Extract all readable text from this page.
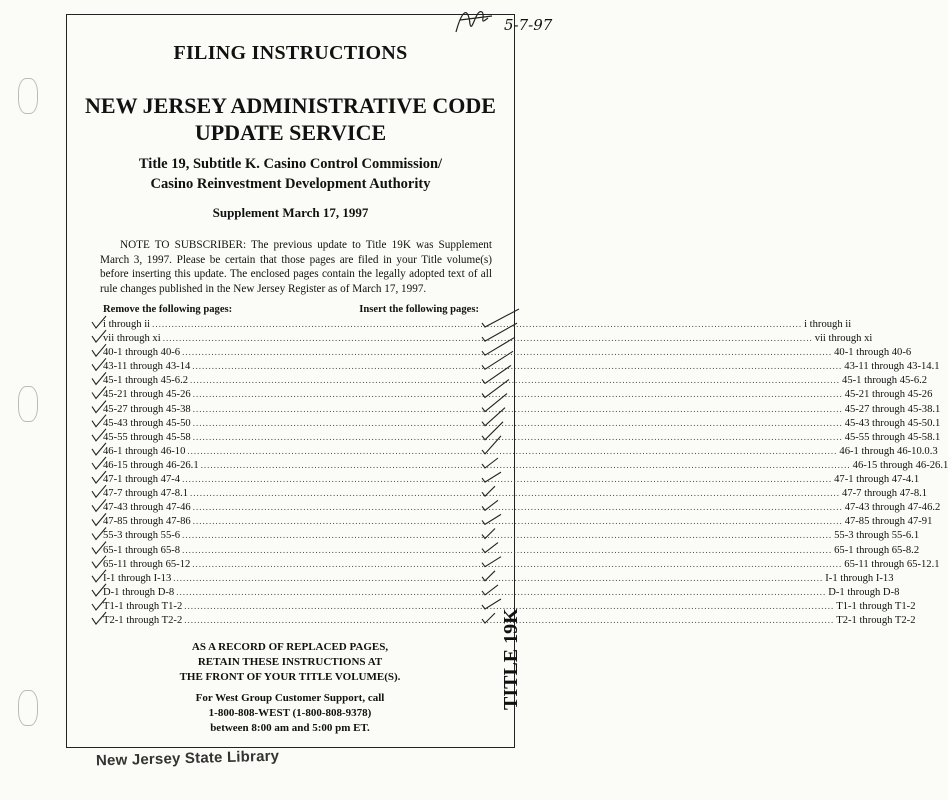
5-7-97
FILING INSTRUCTIONS
NEW JERSEY ADMINISTRATIVE CODE
UPDATE SERVICE
Title 19, Subtitle K. Casino Control Commission/
Casino Reinvestment Development Authority
Supplement March 17, 1997
NOTE TO SUBSCRIBER: The previous update to Title 19K was Supplement March 3, 1997. Please be certain that those pages are filed in your Title volume(s) before inserting this update. The enclosed pages contain the legally adopted text of all rule changes published in the New Jersey Register as of March 17, 1997.
Remove the following pages:	Insert the following pages:
i through ii ........................................................................................................................................................................................................ i through ii
vii through xi ........................................................................................................................................................................................................ vii through xi
40-1 through 40-6 ........................................................................................................................................................................................................ 40-1 through 40-6
43-11 through 43-14 ........................................................................................................................................................................................................ 43-11 through 43-14.1
45-1 through 45-6.2 ........................................................................................................................................................................................................ 45-1 through 45-6.2
45-21 through 45-26 ........................................................................................................................................................................................................ 45-21 through 45-26
45-27 through 45-38 ........................................................................................................................................................................................................ 45-27 through 45-38.1
45-43 through 45-50 ........................................................................................................................................................................................................ 45-43 through 45-50.1
45-55 through 45-58 ........................................................................................................................................................................................................ 45-55 through 45-58.1
46-1 through 46-10 ........................................................................................................................................................................................................ 46-1 through 46-10.0.3
46-15 through 46-26.1 ........................................................................................................................................................................................................ 46-15 through 46-26.1
47-1 through 47-4 ........................................................................................................................................................................................................ 47-1 through 47-4.1
47-7 through 47-8.1 ........................................................................................................................................................................................................ 47-7 through 47-8.1
47-43 through 47-46 ........................................................................................................................................................................................................ 47-43 through 47-46.2
47-85 through 47-86 ........................................................................................................................................................................................................ 47-85 through 47-91
55-3 through 55-6 ........................................................................................................................................................................................................ 55-3 through 55-6.1
65-1 through 65-8 ........................................................................................................................................................................................................ 65-1 through 65-8.2
65-11 through 65-12 ........................................................................................................................................................................................................ 65-11 through 65-12.1
I-1 through I-13 ........................................................................................................................................................................................................ I-1 through I-13
D-1 through D-8 ........................................................................................................................................................................................................ D-1 through D-8
T1-1 through T1-2 ........................................................................................................................................................................................................ T1-1 through T1-2
T2-1 through T2-2 ........................................................................................................................................................................................................ T2-1 through T2-2
AS A RECORD OF REPLACED PAGES,
RETAIN THESE INSTRUCTIONS AT
THE FRONT OF YOUR TITLE VOLUME(S).
For West Group Customer Support, call
1-800-808-WEST (1-800-808-9378)
between 8:00 am and 5:00 pm ET.
TITLE 19K
New Jersey State Library
